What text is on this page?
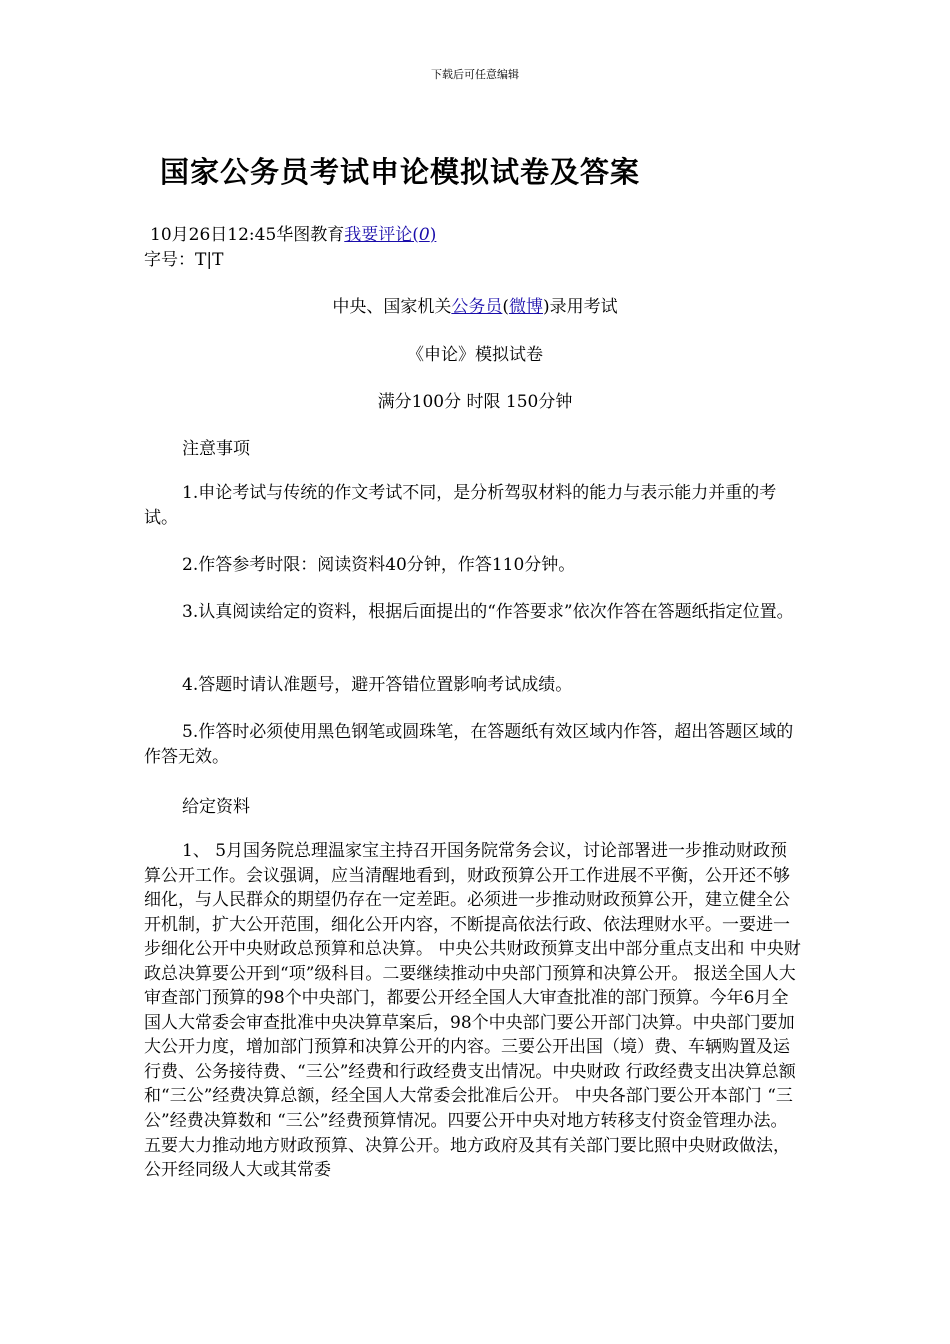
下载后可任意编辑
国家公务员考试申论模拟试卷及答案
10月26日12:45华图教育我要评论(0)
字号：T|T
中央、国家机关公务员(微博)录用考试
《申论》模拟试卷
满分100分 时限 150分钟
注意事项

1.申论考试与传统的作文考试不同，是分析驾驭材料的能力与表示能力并重的考试。

2.作答参考时限：阅读资料40分钟，作答110分钟。

3.认真阅读给定的资料，根据后面提出的“作答要求”依次作答在答题纸指定位置。

4.答题时请认准题号，避开答错位置影响考试成绩。

5.作答时必须使用黑色钢笔或圆珠笔，在答题纸有效区域内作答，超出答题区域的作答无效。

给定资料

1、 5月国务院总理温家宝主持召开国务院常务会议，讨论部署进一步推动财政预算公开工作。会议强调，应当清醒地看到，财政预算公开工作进展不平衡，公开还不够细化，与人民群众的期望仍存在一定差距。必须进一步推动财政预算公开，建立健全公开机制，扩大公开范围，细化公开内容，不断提高依法行政、依法理财水平。一要进一步细化公开中央财政总预算和总决算。 中央公共财政预算支出中部分重点支出和 中央财政总决算要公开到“项”级科目。二要继续推动中央部门预算和决算公开。 报送全国人大审查部门预算的98个中央部门，都要公开经全国人大审查批准的部门预算。今年6月全国人大常委会审查批准中央决算草案后，98个中央部门要公开部门决算。中央部门要加大公开力度，增加部门预算和决算公开的内容。三要公开出国（境）费、车辆购置及运行费、公务接待费、“三公”经费和行政经费支出情况。中央财政 行政经费支出决算总额和“三公”经费决算总额，经全国人大常委会批准后公开。 中央各部门要公开本部门 “三公”经费决算数和 “三公”经费预算情况。四要公开中央对地方转移支付资金管理办法。五要大力推动地方财政预算、决算公开。地方政府及其有关部门要比照中央财政做法，公开经同级人大或其常委
